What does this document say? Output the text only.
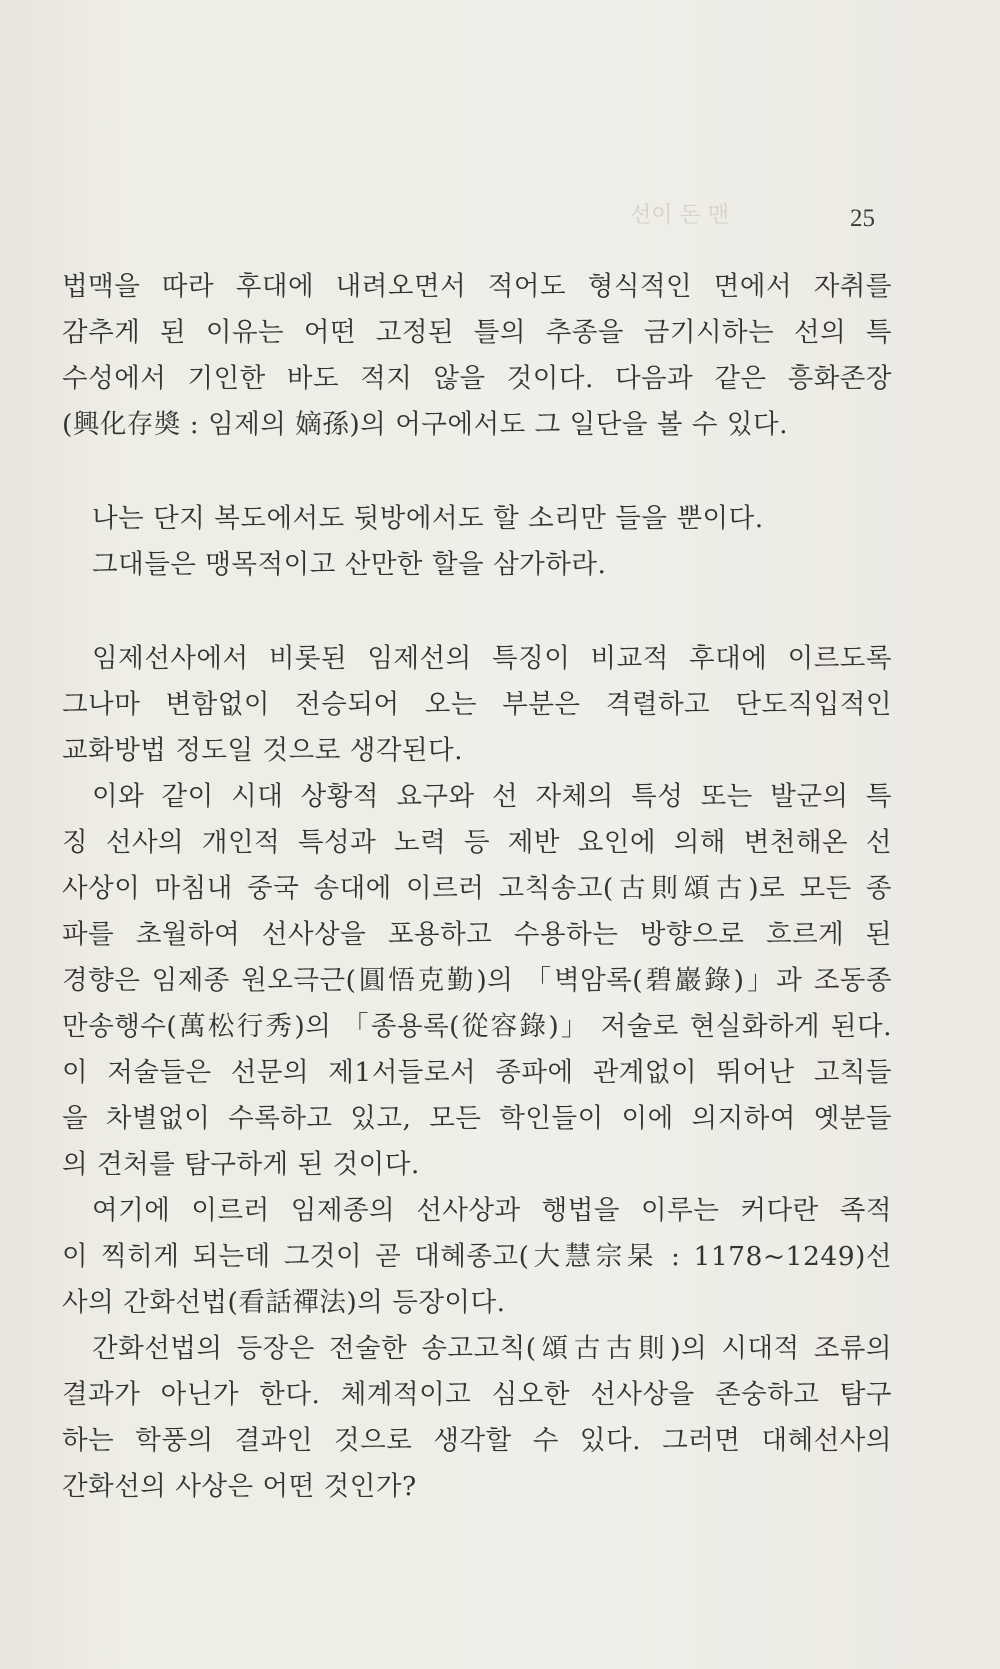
선이 돈 맨	25
법맥을 따라 후대에 내려오면서 적어도 형식적인 면에서 자취를
감추게 된 이유는 어떤 고정된 틀의 추종을 금기시하는 선의 특
수성에서 기인한 바도 적지 않을 것이다. 다음과 같은 흥화존장
(興化存奬 : 임제의 嫡孫)의 어구에서도 그 일단을 볼 수 있다.
나는 단지 복도에서도 뒷방에서도 할 소리만 들을 뿐이다.
그대들은 맹목적이고 산만한 할을 삼가하라.
임제선사에서 비롯된 임제선의 특징이 비교적 후대에 이르도록
그나마 변함없이 전승되어 오는 부분은 격렬하고 단도직입적인
교화방법 정도일 것으로 생각된다.
이와 같이 시대 상황적 요구와 선 자체의 특성 또는 발군의 특
징 선사의 개인적 특성과 노력 등 제반 요인에 의해 변천해온 선
사상이 마침내 중국 송대에 이르러 고칙송고(古則頌古)로 모든 종
파를 초월하여 선사상을 포용하고 수용하는 방향으로 흐르게 된
경향은 임제종 원오극근(圓悟克勤)의 「벽암록(碧巖錄)」과 조동종
만송행수(萬松行秀)의 「종용록(從容錄)」 저술로 현실화하게 된다.
이 저술들은 선문의 제1서들로서 종파에 관계없이 뛰어난 고칙들
을 차별없이 수록하고 있고, 모든 학인들이 이에 의지하여 옛분들
의 견처를 탐구하게 된 것이다.
여기에 이르러 임제종의 선사상과 행법을 이루는 커다란 족적
이 찍히게 되는데 그것이 곧 대혜종고(大慧宗杲 : 1178~1249)선
사의 간화선법(看話禪法)의 등장이다.
간화선법의 등장은 전술한 송고고칙(頌古古則)의 시대적 조류의
결과가 아닌가 한다. 체계적이고 심오한 선사상을 존숭하고 탐구
하는 학풍의 결과인 것으로 생각할 수 있다. 그러면 대혜선사의
간화선의 사상은 어떤 것인가?
